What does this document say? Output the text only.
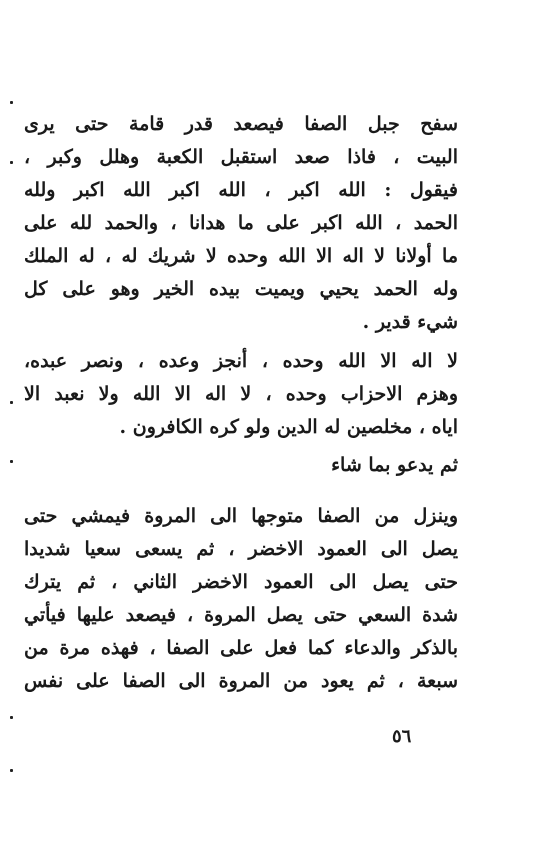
سفح جبل الصفا فيصعد قدر قامة حتى يرى
البيت ، فاذا صعد استقبل الكعبة وهلل وكبر ،
فيقول : الله اكبر ، الله اكبر الله اكبر ولله
الحمد ، الله اكبر على ما هدانا ، والحمد لله على
ما أولانا لا اله الا الله وحده لا شريك له ، له الملك
وله الحمد يحيي ويميت بيده الخير وهو على كل
شيء قدير .
لا اله الا الله وحده ، أنجز وعده ، ونصر عبده،
وهزم الاحزاب وحده ، لا اله الا الله ولا نعبد الا
اياه ، مخلصين له الدين ولو كره الكافرون .
ثم يدعو بما شاء
وينزل من الصفا متوجها الى المروة فيمشي حتى
يصل الى العمود الاخضر ، ثم يسعى سعيا شديدا
حتى يصل الى العمود الاخضر الثاني ، ثم يترك
شدة السعي حتى يصل المروة ، فيصعد عليها فيأتي
بالذكر والدعاء كما فعل على الصفا ، فهذه مرة من
سبعة ، ثم يعود من المروة الى الصفا على نفس
٥٦
